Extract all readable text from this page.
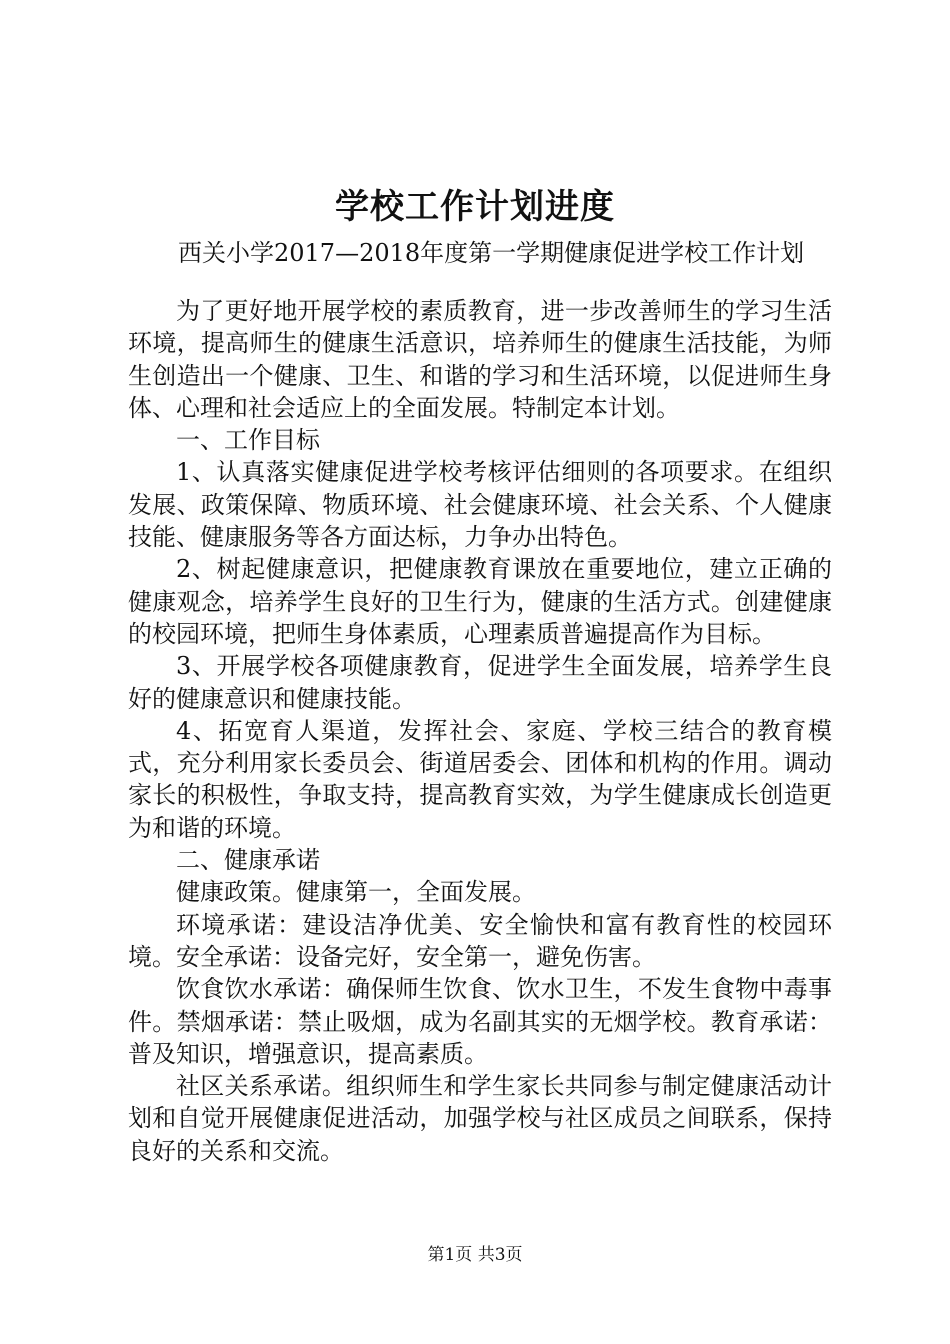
学校工作计划进度
西关小学2017—2018年度第一学期健康促进学校工作计划

为了更好地开展学校的素质教育，进一步改善师生的学习生活环境，提高师生的健康生活意识，培养师生的健康生活技能，为师生创造出一个健康、卫生、和谐的学习和生活环境，以促进师生身体、心理和社会适应上的全面发展。特制定本计划。

一、工作目标

1、认真落实健康促进学校考核评估细则的各项要求。在组织发展、政策保障、物质环境、社会健康环境、社会关系、个人健康技能、健康服务等各方面达标，力争办出特色。

2、树起健康意识，把健康教育课放在重要地位，建立正确的健康观念，培养学生良好的卫生行为，健康的生活方式。创建健康的校园环境，把师生身体素质，心理素质普遍提高作为目标。

3、开展学校各项健康教育，促进学生全面发展，培养学生良好的健康意识和健康技能。

4、拓宽育人渠道，发挥社会、家庭、学校三结合的教育模式，充分利用家长委员会、街道居委会、团体和机构的作用。调动家长的积极性，争取支持，提高教育实效，为学生健康成长创造更为和谐的环境。

二、健康承诺

健康政策。健康第一，全面发展。

环境承诺：建设洁净优美、安全愉快和富有教育性的校园环境。安全承诺：设备完好，安全第一，避免伤害。

饮食饮水承诺：确保师生饮食、饮水卫生，不发生食物中毒事件。禁烟承诺：禁止吸烟，成为名副其实的无烟学校。教育承诺：普及知识，增强意识，提高素质。

社区关系承诺。组织师生和学生家长共同参与制定健康活动计划和自觉开展健康促进活动，加强学校与社区成员之间联系，保持良好的关系和交流。

第1页 共3页
